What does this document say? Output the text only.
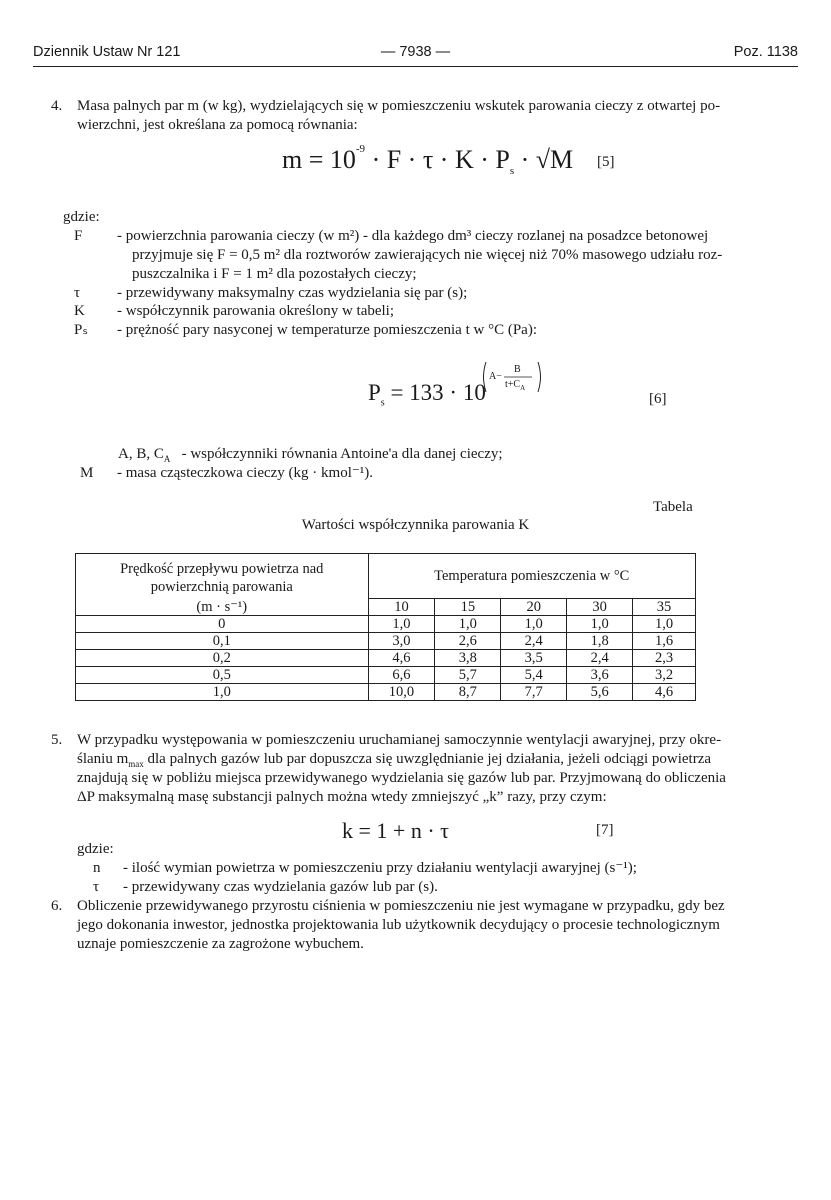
Dziennik Ustaw Nr 121	— 7938 —	Poz. 1138
4. Masa palnych par m (w kg), wydzielających się w pomieszczeniu wskutek parowania cieczy z otwartej po-
wierzchni, jest określana za pomocą równania:
$m = 10^{-9} \cdot F \cdot \tau \cdot K \cdot P_s \cdot √M$ [5]
gdzie:
F - powierzchnia parowania cieczy (w m²) - dla każdego dm³ cieczy rozlanej na posadzce betonowej
przyjmuje się F = 0,5 m² dla roztworów zawierających nie więcej niż 70% masowego udziału roz-
puszczalnika i F = 1 m² dla pozostałych cieczy;
τ - przewidywany maksymalny czas wydzielania się par (s);
K - współczynnik parowania określony w tabeli;
Pₛ - prężność pary nasyconej w temperaturze pomieszczenia t w °C (Pa):
$P_s = 133 \cdot 10$
A−
B
$t+C_A$
[6]
A, B, $C_A$ - współczynniki równania Antoine'a dla danej cieczy;
M - masa cząsteczkowa cieczy (kg · kmol⁻¹).
Tabela
Wartości współczynnika parowania K
Prędkość przepływu powietrza nad
powierzchnią parowania	Temperatura pomieszczenia w °C				
(m · s⁻¹)	10	15	20	30	35
0	1,0	1,0	1,0	1,0	1,0
0,1	3,0	2,6	2,4	1,8	1,6
0,2	4,6	3,8	3,5	2,4	2,3
0,5	6,6	5,7	5,4	3,6	3,2
1,0	10,0	8,7	7,7	5,6	4,6
5. W przypadku występowania w pomieszczeniu uruchamianej samoczynnie wentylacji awaryjnej, przy okre-
ślaniu $m_{max}$ dla palnych gazów lub par dopuszcza się uwzględnianie jej działania, jeżeli odciągi powietrza
znajdują się w pobliżu miejsca przewidywanego wydzielania się gazów lub par. Przyjmowaną do obliczenia
ΔP maksymalną masę substancji palnych można wtedy zmniejszyć „k” razy, przy czym:
k = 1 + n · τ	[7]
gdzie:
n - ilość wymian powietrza w pomieszczeniu przy działaniu wentylacji awaryjnej (s⁻¹);
τ - przewidywany czas wydzielania gazów lub par (s).
6. Obliczenie przewidywanego przyrostu ciśnienia w pomieszczeniu nie jest wymagane w przypadku, gdy bez
jego dokonania inwestor, jednostka projektowania lub użytkownik decydujący o procesie technologicznym
uznaje pomieszczenie za zagrożone wybuchem.
